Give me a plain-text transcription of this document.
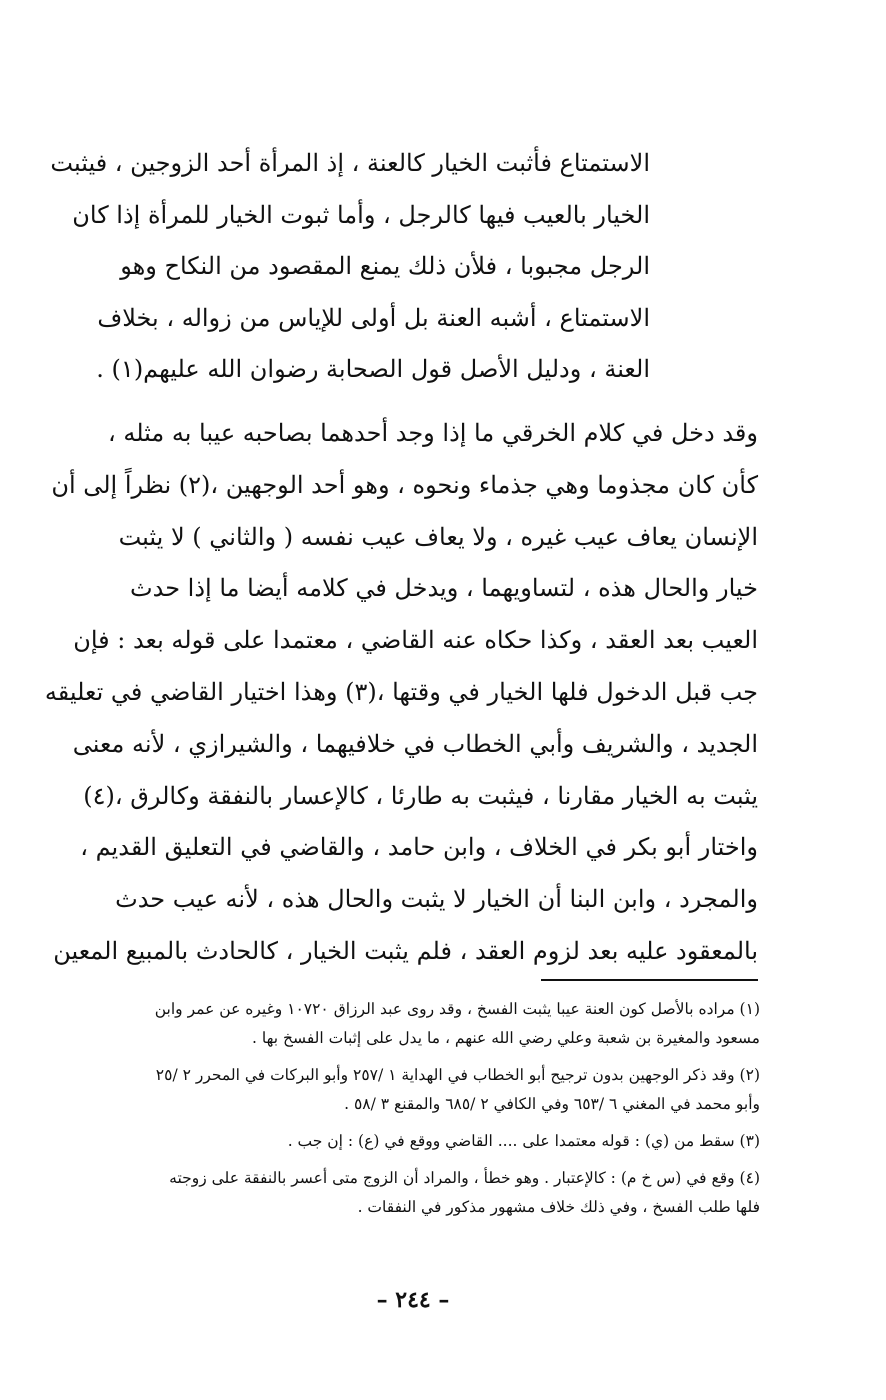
الاستمتاع فأثبت الخيار كالعنة ، إذ المرأة أحد الزوجين ، فيثبت
الخيار بالعيب فيها كالرجل ، وأما ثبوت الخيار للمرأة إذا كان
الرجل مجبوبا ، فلأن ذلك يمنع المقصود من النكاح وهو
الاستمتاع ، أشبه العنة بل أولى للإياس من زواله ، بخلاف
العنة ، ودليل الأصل قول الصحابة رضوان الله عليهم(١) .
وقد دخل في كلام الخرقي ما إذا وجد أحدهما بصاحبه عيبا به مثله ،
كأن كان مجذوما وهي جذماء ونحوه ، وهو أحد الوجهين ،(٢) نظراً إلى أن
الإنسان يعاف عيب غيره ، ولا يعاف عيب نفسه ( والثاني ) لا يثبت
خيار والحال هذه ، لتساويهما ، ويدخل في كلامه أيضا ما إذا حدث
العيب بعد العقد ، وكذا حكاه عنه القاضي ، معتمدا على قوله بعد : فإن
جب قبل الدخول فلها الخيار في وقتها ،(٣) وهذا اختيار القاضي في تعليقه
الجديد ، والشريف وأبي الخطاب في خلافيهما ، والشيرازي ، لأنه معنى
يثبت به الخيار مقارنا ، فيثبت به طارئا ، كالإعسار بالنفقة وكالرق ،(٤)
واختار أبو بكر في الخلاف ، وابن حامد ، والقاضي في التعليق القديم ،
والمجرد ، وابن البنا أن الخيار لا يثبت والحال هذه ، لأنه عيب حدث
بالمعقود عليه بعد لزوم العقد ، فلم يثبت الخيار ، كالحادث بالمبيع المعين
(١) مراده بالأصل كون العنة عيبا يثبت الفسخ ، وقد روى عبد الرزاق ١٠٧٢٠ وغيره عن عمر وابن
مسعود والمغيرة بن شعبة وعلي رضي الله عنهم ، ما يدل على إثبات الفسخ بها .
(٢) وقد ذكر الوجهين بدون ترجيح أبو الخطاب في الهداية ١ /٢٥٧ وأبو البركات في المحرر ٢ /٢٥
وأبو محمد في المغني ٦ /٦٥٣ وفي الكافي ٢ /٦٨٥ والمقنع ٣ /٥٨ .
(٣) سقط من (ي) : قوله معتمدا على .... القاضي ووقع في (ع) : إن جب .
(٤) وقع في (س خ م) : كالإعتبار . وهو خطأ ، والمراد أن الزوج متى أعسر بالنفقة على زوجته
فلها طلب الفسخ ، وفي ذلك خلاف مشهور مذكور في النفقات .
– ٢٤٤ –
